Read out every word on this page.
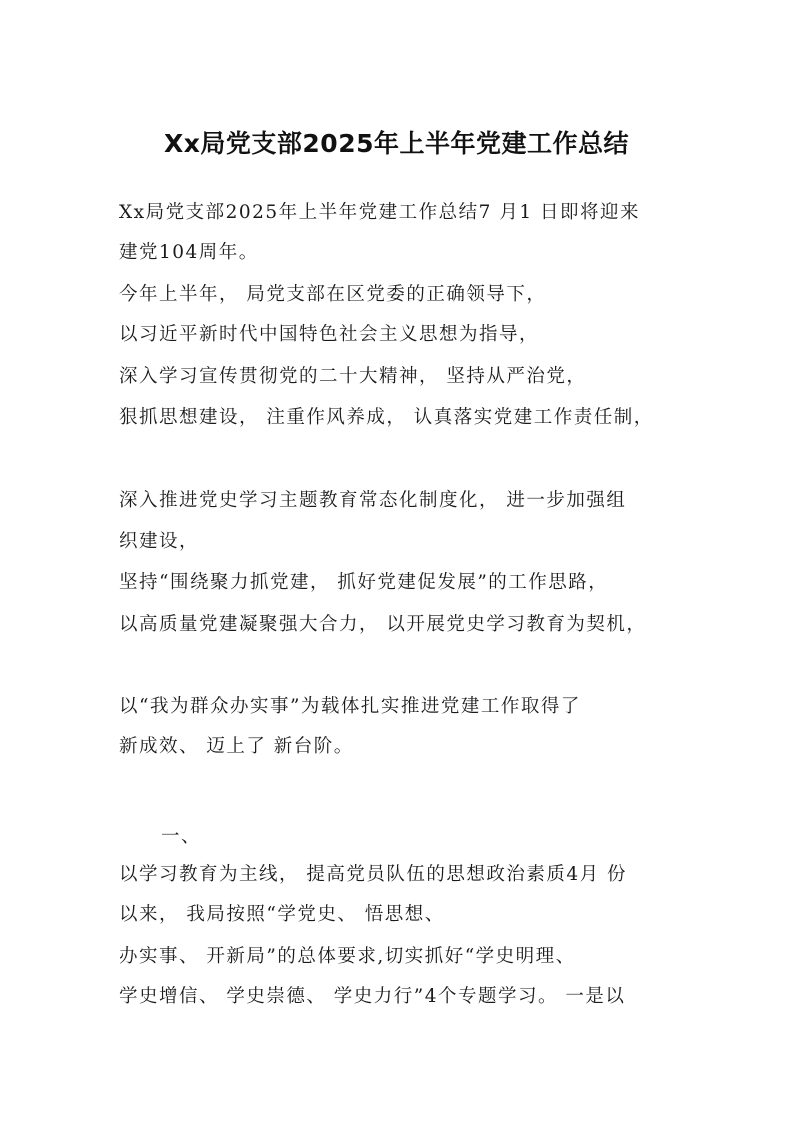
Xx局党支部2025年上半年党建工作总结

Xx局党支部2025年上半年党建工作总结7 月1 日即将迎来

建党104周年。

今年上半年， 局党支部在区党委的正确领导下，

以习近平新时代中国特色社会主义思想为指导，

深入学习宣传贯彻党的二十大精神， 坚持从严治党，

狠抓思想建设， 注重作风养成， 认真落实党建工作责任制，

深入推进党史学习主题教育常态化制度化， 进一步加强组

织建设，

坚持“围绕聚力抓党建， 抓好党建促发展”的工作思路，

以高质量党建凝聚强大合力， 以开展党史学习教育为契机，

以“我为群众办实事”为载体扎实推进党建工作取得了

新成效、 迈上了 新台阶。

一、

以学习教育为主线， 提高党员队伍的思想政治素质4月 份

以来， 我局按照“学党史、 悟思想、

办实事、 开新局”的总体要求,切实抓好“学史明理、

学史增信、 学史崇德、 学史力行”4个专题学习。 一是以
